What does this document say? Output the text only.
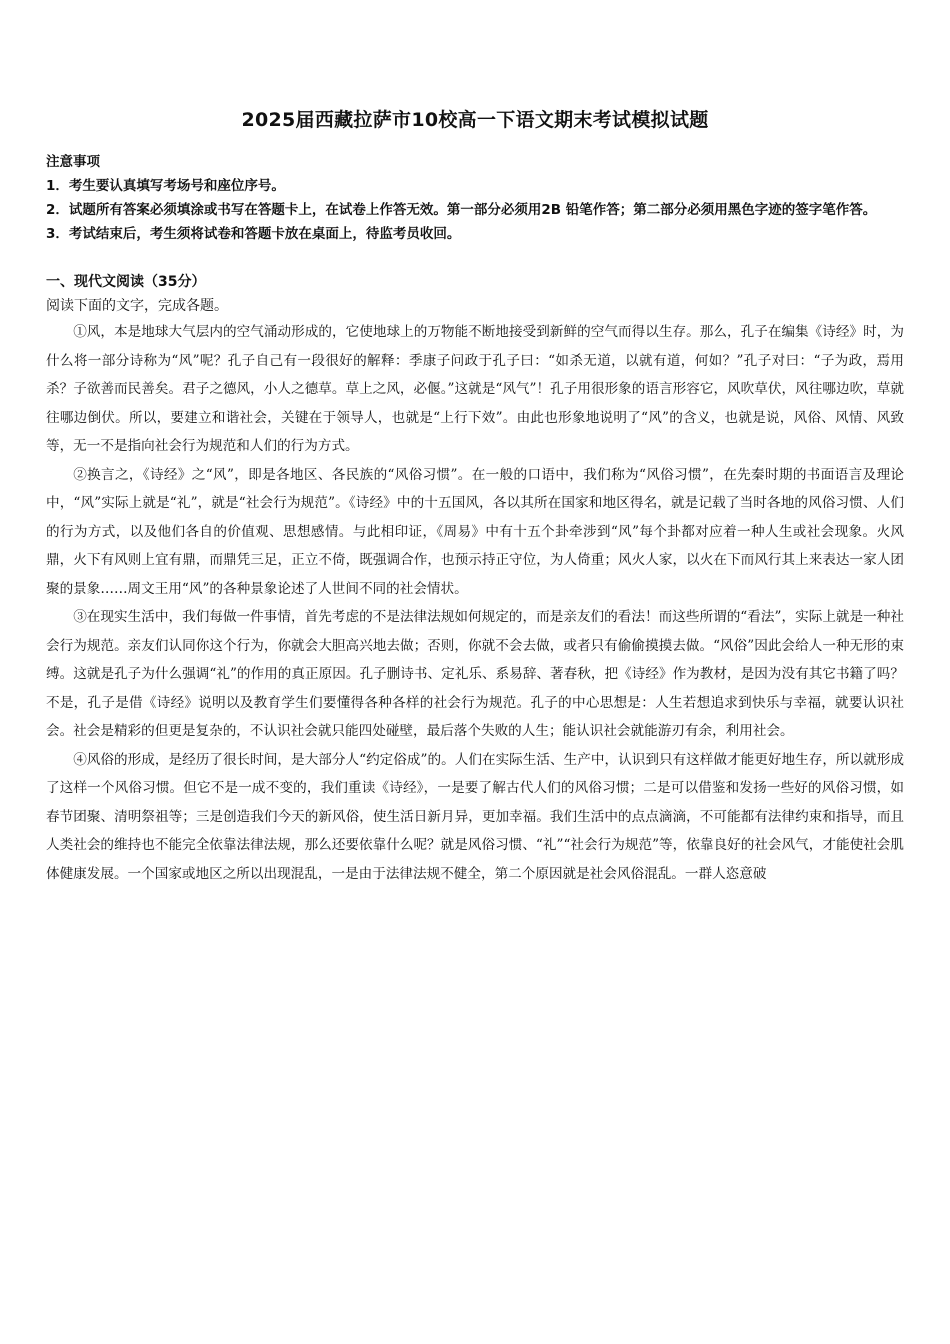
2025届西藏拉萨市10校高一下语文期末考试模拟试题

注意事项

1．考生要认真填写考场号和座位序号。

2．试题所有答案必须填涂或书写在答题卡上，在试卷上作答无效。第一部分必须用2B 铅笔作答；第二部分必须用黑色字迹的签字笔作答。

3．考试结束后，考生须将试卷和答题卡放在桌面上，待监考员收回。

一、现代文阅读（35分）
阅读下面的文字，完成各题。

①风，本是地球大气层内的空气涌动形成的，它使地球上的万物能不断地接受到新鲜的空气而得以生存。那么，孔子在编集《诗经》时，为什么将一部分诗称为“风”呢？孔子自己有一段很好的解释：季康子问政于孔子曰：“如杀无道，以就有道，何如？”孔子对曰：“子为政，焉用杀？子欲善而民善矣。君子之德风，小人之德草。草上之风，必偃。”这就是“风气”！孔子用很形象的语言形容它，风吹草伏，风往哪边吹，草就往哪边倒伏。所以，要建立和谐社会，关键在于领导人，也就是“上行下效”。由此也形象地说明了“风”的含义，也就是说，风俗、风情、风致等，无一不是指向社会行为规范和人们的行为方式。

②换言之，《诗经》之“风”，即是各地区、各民族的“风俗习惯”。在一般的口语中，我们称为“风俗习惯”，在先秦时期的书面语言及理论中，“风”实际上就是“礼”，就是“社会行为规范”。《诗经》中的十五国风，各以其所在国家和地区得名，就是记载了当时各地的风俗习惯、人们的行为方式，以及他们各自的价值观、思想感情。与此相印证，《周易》中有十五个卦牵涉到“风”每个卦都对应着一种人生或社会现象。火风鼎，火下有风则上宜有鼎，而鼎凭三足，正立不倚，既强调合作，也预示持正守位，为人倚重；风火人家，以火在下而风行其上来表达一家人团聚的景象……周文王用“风”的各种景象论述了人世间不同的社会情状。

③在现实生活中，我们每做一件事情，首先考虑的不是法律法规如何规定的，而是亲友们的看法！而这些所谓的“看法”，实际上就是一种社会行为规范。亲友们认同你这个行为，你就会大胆高兴地去做；否则，你就不会去做，或者只有偷偷摸摸去做。“风俗”因此会给人一种无形的束缚。这就是孔子为什么强调“礼”的作用的真正原因。孔子删诗书、定礼乐、系易辞、著春秋，把《诗经》作为教材，是因为没有其它书籍了吗？不是，孔子是借《诗经》说明以及教育学生们要懂得各种各样的社会行为规范。孔子的中心思想是：人生若想追求到快乐与幸福，就要认识社会。社会是精彩的但更是复杂的，不认识社会就只能四处碰壁，最后落个失败的人生；能认识社会就能游刃有余，利用社会。

④风俗的形成，是经历了很长时间，是大部分人“约定俗成”的。人们在实际生活、生产中，认识到只有这样做才能更好地生存，所以就形成了这样一个风俗习惯。但它不是一成不变的，我们重读《诗经》，一是要了解古代人们的风俗习惯；二是可以借鉴和发扬一些好的风俗习惯，如春节团聚、清明祭祖等；三是创造我们今天的新风俗，使生活日新月异，更加幸福。我们生活中的点点滴滴，不可能都有法律约束和指导，而且人类社会的维持也不能完全依靠法律法规，那么还要依靠什么呢？就是风俗习惯、“礼”“社会行为规范”等，依靠良好的社会风气，才能使社会肌体健康发展。一个国家或地区之所以出现混乱，一是由于法律法规不健全，第二个原因就是社会风俗混乱。一群人恣意破
